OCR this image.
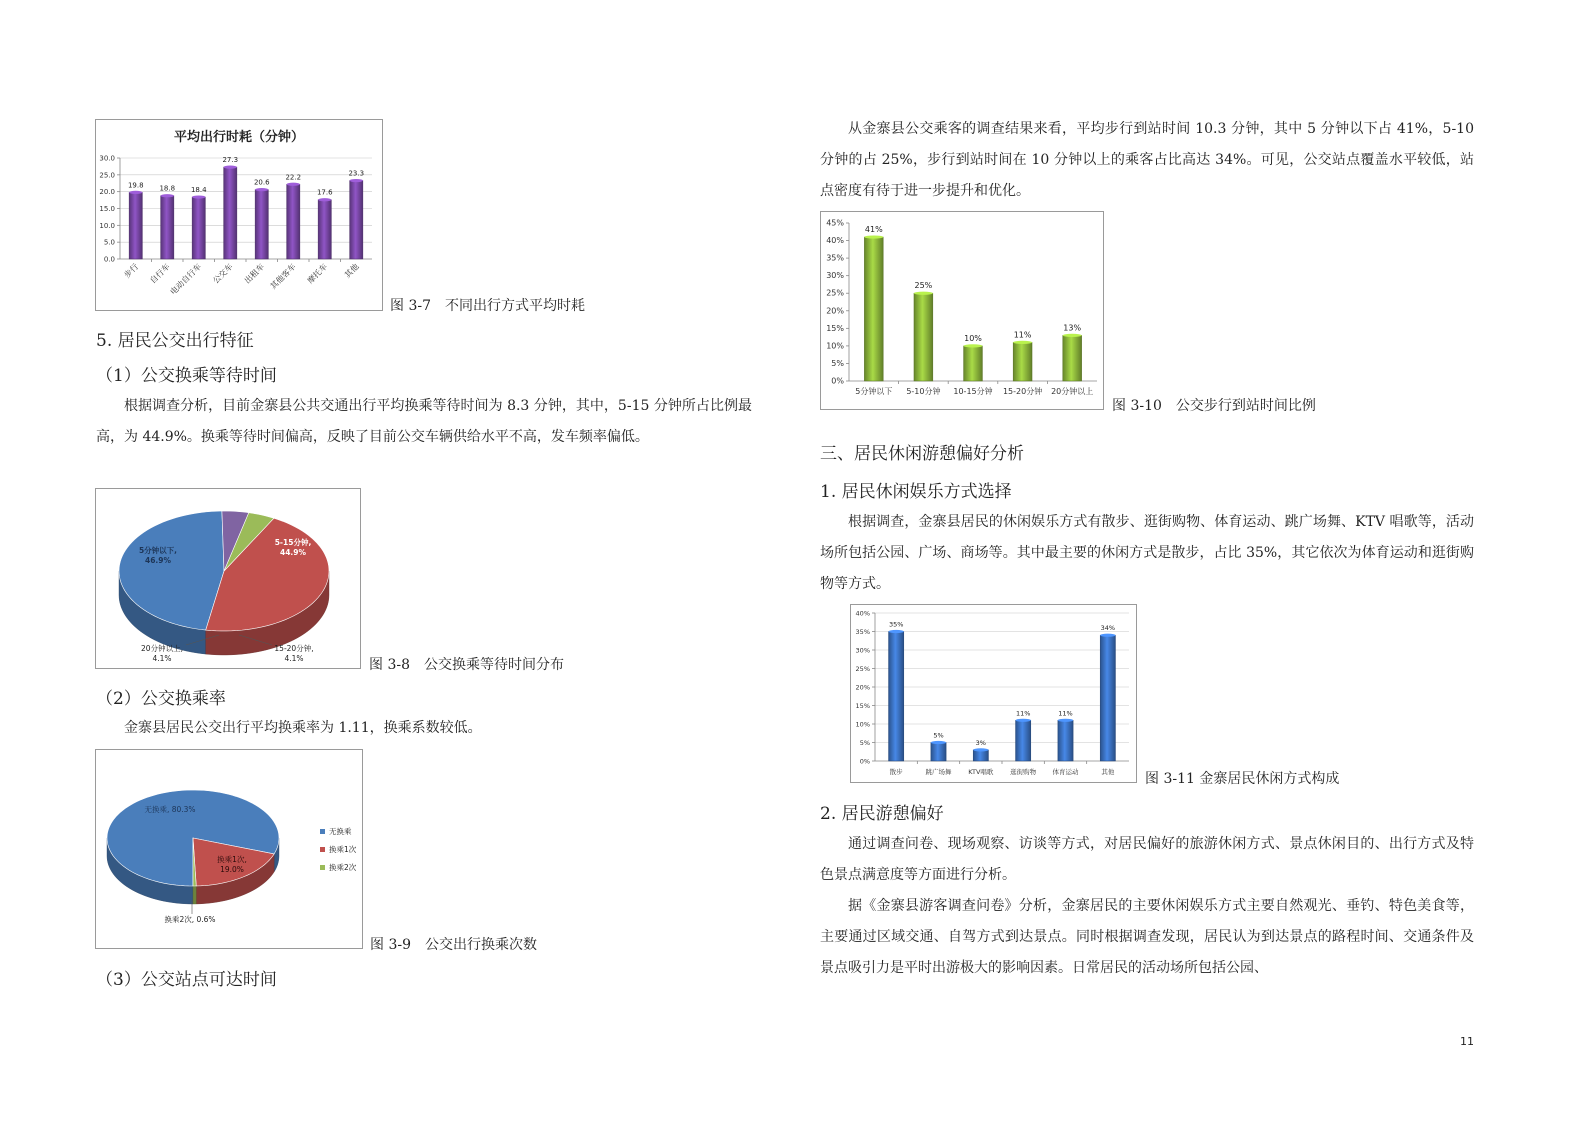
平均出行时耗（分钟）
0.0
5.0
10.0
15.0
20.0
25.0
30.0
19.8
步行
18.8
自行车
18.4
电动自行车
27.3
公交车
20.6
出租车
22.2
其他客车
17.6
摩托车
23.3
其他
图 3-7　不同出行方式平均时耗
5. 居民公交出行特征
（1）公交换乘等待时间

根据调查分析，目前金寨县公共交通出行平均换乘等待时间为 8.3 分钟，其中，5-15 分钟所占比例最高，为 44.9%。换乘等待时间偏高，反映了目前公交车辆供给水平不高，发车频率偏低。

5分钟以下,
46.9%
5-15分钟,
44.9%
15-20分钟,
4.1%
20分钟以上,
4.1%	图 3-8　公交换乘等待时间分布
（2）公交换乘率

金寨县居民公交出行平均换乘率为 1.11，换乘系数较低。

无换乘, 80.3%
换乘1次,
19.0%
换乘2次, 0.6%
无换乘
换乘1次
换乘2次
图 3-9　公交出行换乘次数
（3）公交站点可达时间

从金寨县公交乘客的调查结果来看，平均步行到站时间 10.3 分钟，其中 5 分钟以下占 41%，5-10 分钟的占 25%，步行到站时间在 10 分钟以上的乘客占比高达 34%。可见，公交站点覆盖水平较低，站点密度有待于进一步提升和优化。

0%
5%
10%
15%
20%
25%
30%
35%
40%
45%
41%
5分钟以下
25%
5-10分钟
10%
10-15分钟
11%
15-20分钟
13%
20分钟以上
图 3-10　公交步行到站时间比例
三、居民休闲游憩偏好分析
1. 居民休闲娱乐方式选择

根据调查，金寨县居民的休闲娱乐方式有散步、逛街购物、体育运动、跳广场舞、KTV 唱歌等，活动场所包括公园、广场、商场等。其中最主要的休闲方式是散步，占比 35%，其它依次为体育运动和逛街购物等方式。

0%
5%
10%
15%
20%
25%
30%
35%
40%
35%
散步
5%
跳广场舞
3%
KTV唱歌
11%
逛街购物
11%
体育运动
34%
其他 图 3-11 金寨居民休闲方式构成
2. 居民游憩偏好

通过调查问卷、现场观察、访谈等方式，对居民偏好的旅游休闲方式、景点休闲目的、出行方式及特色景点满意度等方面进行分析。

据《金寨县游客调查问卷》分析，金寨居民的主要休闲娱乐方式主要自然观光、垂钓、特色美食等，主要通过区域交通、自驾方式到达景点。同时根据调查发现，居民认为到达景点的路程时间、交通条件及景点吸引力是平时出游极大的影响因素。日常居民的活动场所包括公园、

11
